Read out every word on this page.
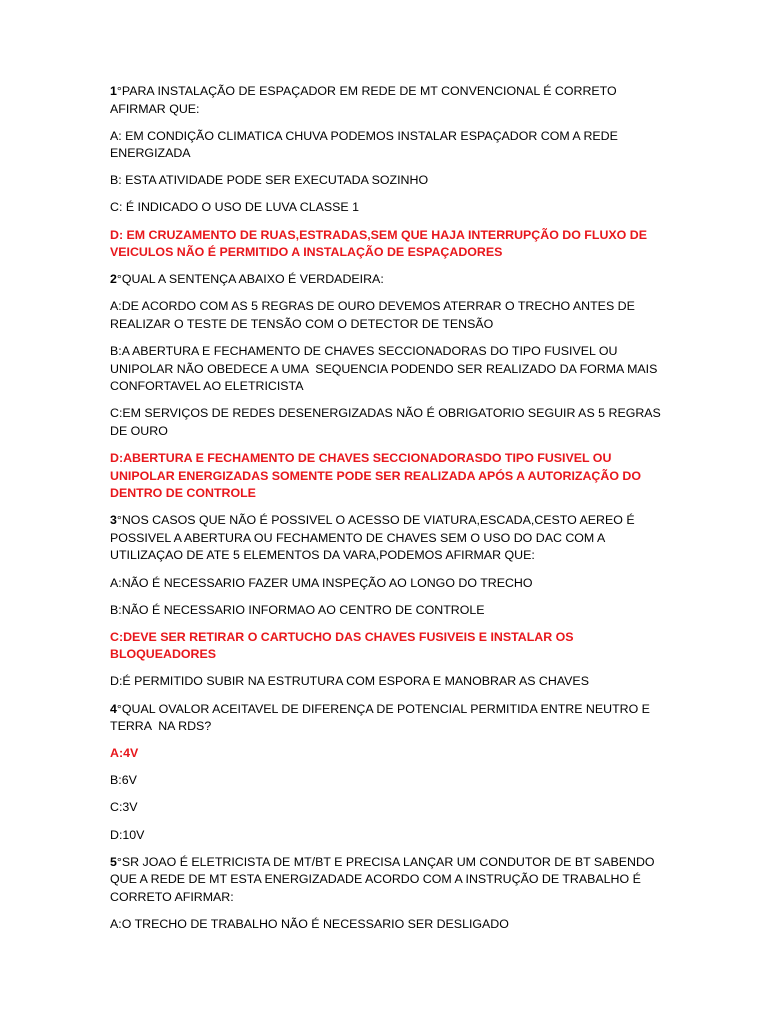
1°PARA INSTALAÇÃO DE ESPAÇADOR EM REDE DE MT CONVENCIONAL É CORRETO AFIRMAR QUE:

A: EM CONDIÇÃO CLIMATICA CHUVA PODEMOS INSTALAR ESPAÇADOR COM A REDE ENERGIZADA

B: ESTA ATIVIDADE PODE SER EXECUTADA SOZINHO

C: É INDICADO O USO DE LUVA CLASSE 1

D: EM CRUZAMENTO DE RUAS,ESTRADAS,SEM QUE HAJA INTERRUPÇÃO DO FLUXO DE VEICULOS NÃO É PERMITIDO A INSTALAÇÃO DE ESPAÇADORES

2°QUAL A SENTENÇA ABAIXO É VERDADEIRA:

A:DE ACORDO COM AS 5 REGRAS DE OURO DEVEMOS ATERRAR O TRECHO ANTES DE REALIZAR O TESTE DE TENSÃO COM O DETECTOR DE TENSÃO

B:A ABERTURA E FECHAMENTO DE CHAVES SECCIONADORAS DO TIPO FUSIVEL OU UNIPOLAR NÃO OBEDECE A UMA  SEQUENCIA PODENDO SER REALIZADO DA FORMA MAIS CONFORTAVEL AO ELETRICISTA

C:EM SERVIÇOS DE REDES DESENERGIZADAS NÃO É OBRIGATORIO SEGUIR AS 5 REGRAS DE OURO

D:ABERTURA E FECHAMENTO DE CHAVES SECCIONADORASDO TIPO FUSIVEL OU UNIPOLAR ENERGIZADAS SOMENTE PODE SER REALIZADA APÓS A AUTORIZAÇÃO DO DENTRO DE CONTROLE

3°NOS CASOS QUE NÃO É POSSIVEL O ACESSO DE VIATURA,ESCADA,CESTO AEREO É POSSIVEL A ABERTURA OU FECHAMENTO DE CHAVES SEM O USO DO DAC COM A UTILIZAÇAO DE ATE 5 ELEMENTOS DA VARA,PODEMOS AFIRMAR QUE:

A:NÃO É NECESSARIO FAZER UMA INSPEÇÃO AO LONGO DO TRECHO

B:NÃO É NECESSARIO INFORMAO AO CENTRO DE CONTROLE

C:DEVE SER RETIRAR O CARTUCHO DAS CHAVES FUSIVEIS E INSTALAR OS BLOQUEADORES

D:É PERMITIDO SUBIR NA ESTRUTURA COM ESPORA E MANOBRAR AS CHAVES

4°QUAL OVALOR ACEITAVEL DE DIFERENÇA DE POTENCIAL PERMITIDA ENTRE NEUTRO E TERRA  NA RDS?

A:4V

B:6V

C:3V

D:10V

5°SR JOAO É ELETRICISTA DE MT/BT E PRECISA LANÇAR UM CONDUTOR DE BT SABENDO QUE A REDE DE MT ESTA ENERGIZADADE ACORDO COM A INSTRUÇÃO DE TRABALHO É CORRETO AFIRMAR:

A:O TRECHO DE TRABALHO NÃO É NECESSARIO SER DESLIGADO
